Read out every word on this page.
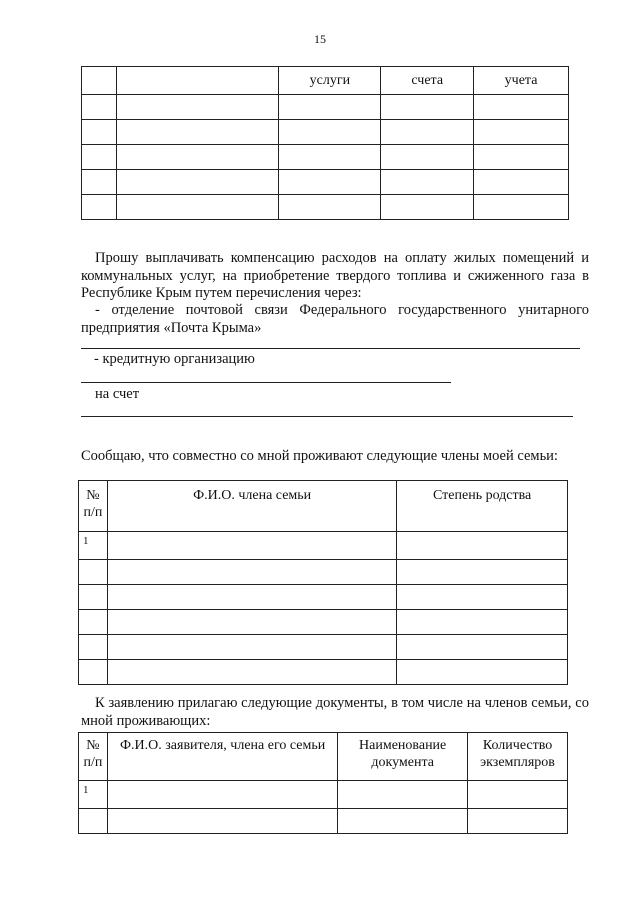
15
		услуги	счета	учета

Прошу выплачивать компенсацию расходов на оплату жилых помещений и коммунальных услуг, на приобретение твердого топлива и сжиженного газа в Республике Крым путем перечисления через:

- отделение почтовой связи Федерального государственного унитарного предприятия «Почта Крыма»

- кредитную организацию
на счет

Сообщаю, что совместно со мной проживают следующие члены моей семьи:

№ п/п	Ф.И.О. члена семьи	Степень родства
1		

К заявлению прилагаю следующие документы, в том числе на членов семьи, со мной проживающих:

№ п/п	Ф.И.О. заявителя, члена его семьи	Наименование документа	Количество экземпляров
1			
